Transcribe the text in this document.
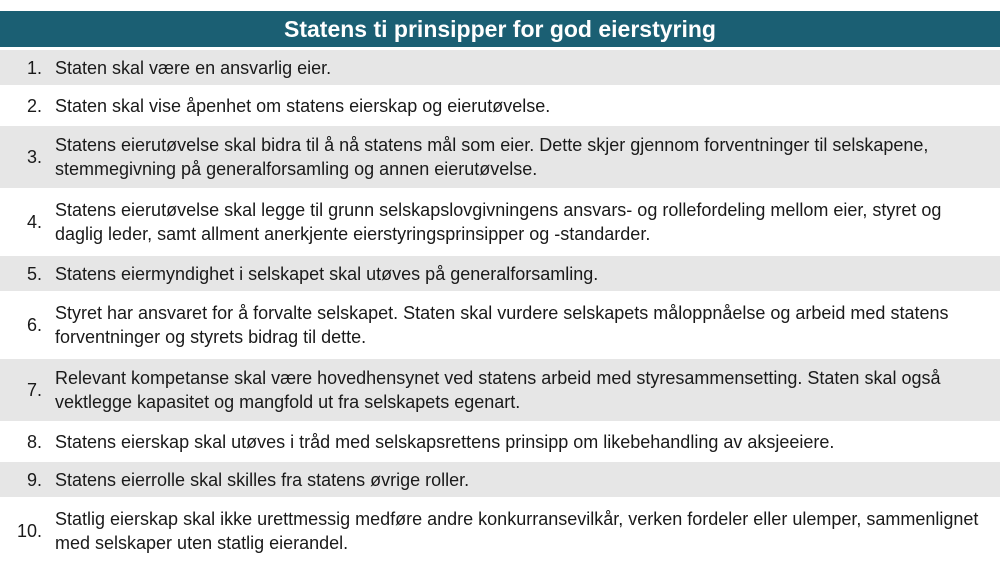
Statens ti prinsipper for god eierstyring
1. Staten skal være en ansvarlig eier.
2. Staten skal vise åpenhet om statens eierskap og eierutøvelse.
3.
Statens eierutøvelse skal bidra til å nå statens mål som eier. Dette skjer gjennom forventninger til selskapene, stemmegivning på generalforsamling og annen eierutøvelse.
4.
Statens eierutøvelse skal legge til grunn selskapslovgivningens ansvars- og rollefordeling mellom eier, styret og daglig leder, samt allment anerkjente eierstyringsprinsipper og -standarder.
5. Statens eiermyndighet i selskapet skal utøves på generalforsamling.
6.
Styret har ansvaret for å forvalte selskapet. Staten skal vurdere selskapets måloppnåelse og arbeid med statens forventninger og styrets bidrag til dette.
7.
Relevant kompetanse skal være hovedhensynet ved statens arbeid med styresammensetting. Staten skal også vektlegge kapasitet og mangfold ut fra selskapets egenart.
8. Statens eierskap skal utøves i tråd med selskapsrettens prinsipp om likebehandling av aksjeeiere.
9. Statens eierrolle skal skilles fra statens øvrige roller.
10.
Statlig eierskap skal ikke urettmessig medføre andre konkurransevilkår, verken fordeler eller ulemper, sammenlignet med selskaper uten statlig eierandel.
